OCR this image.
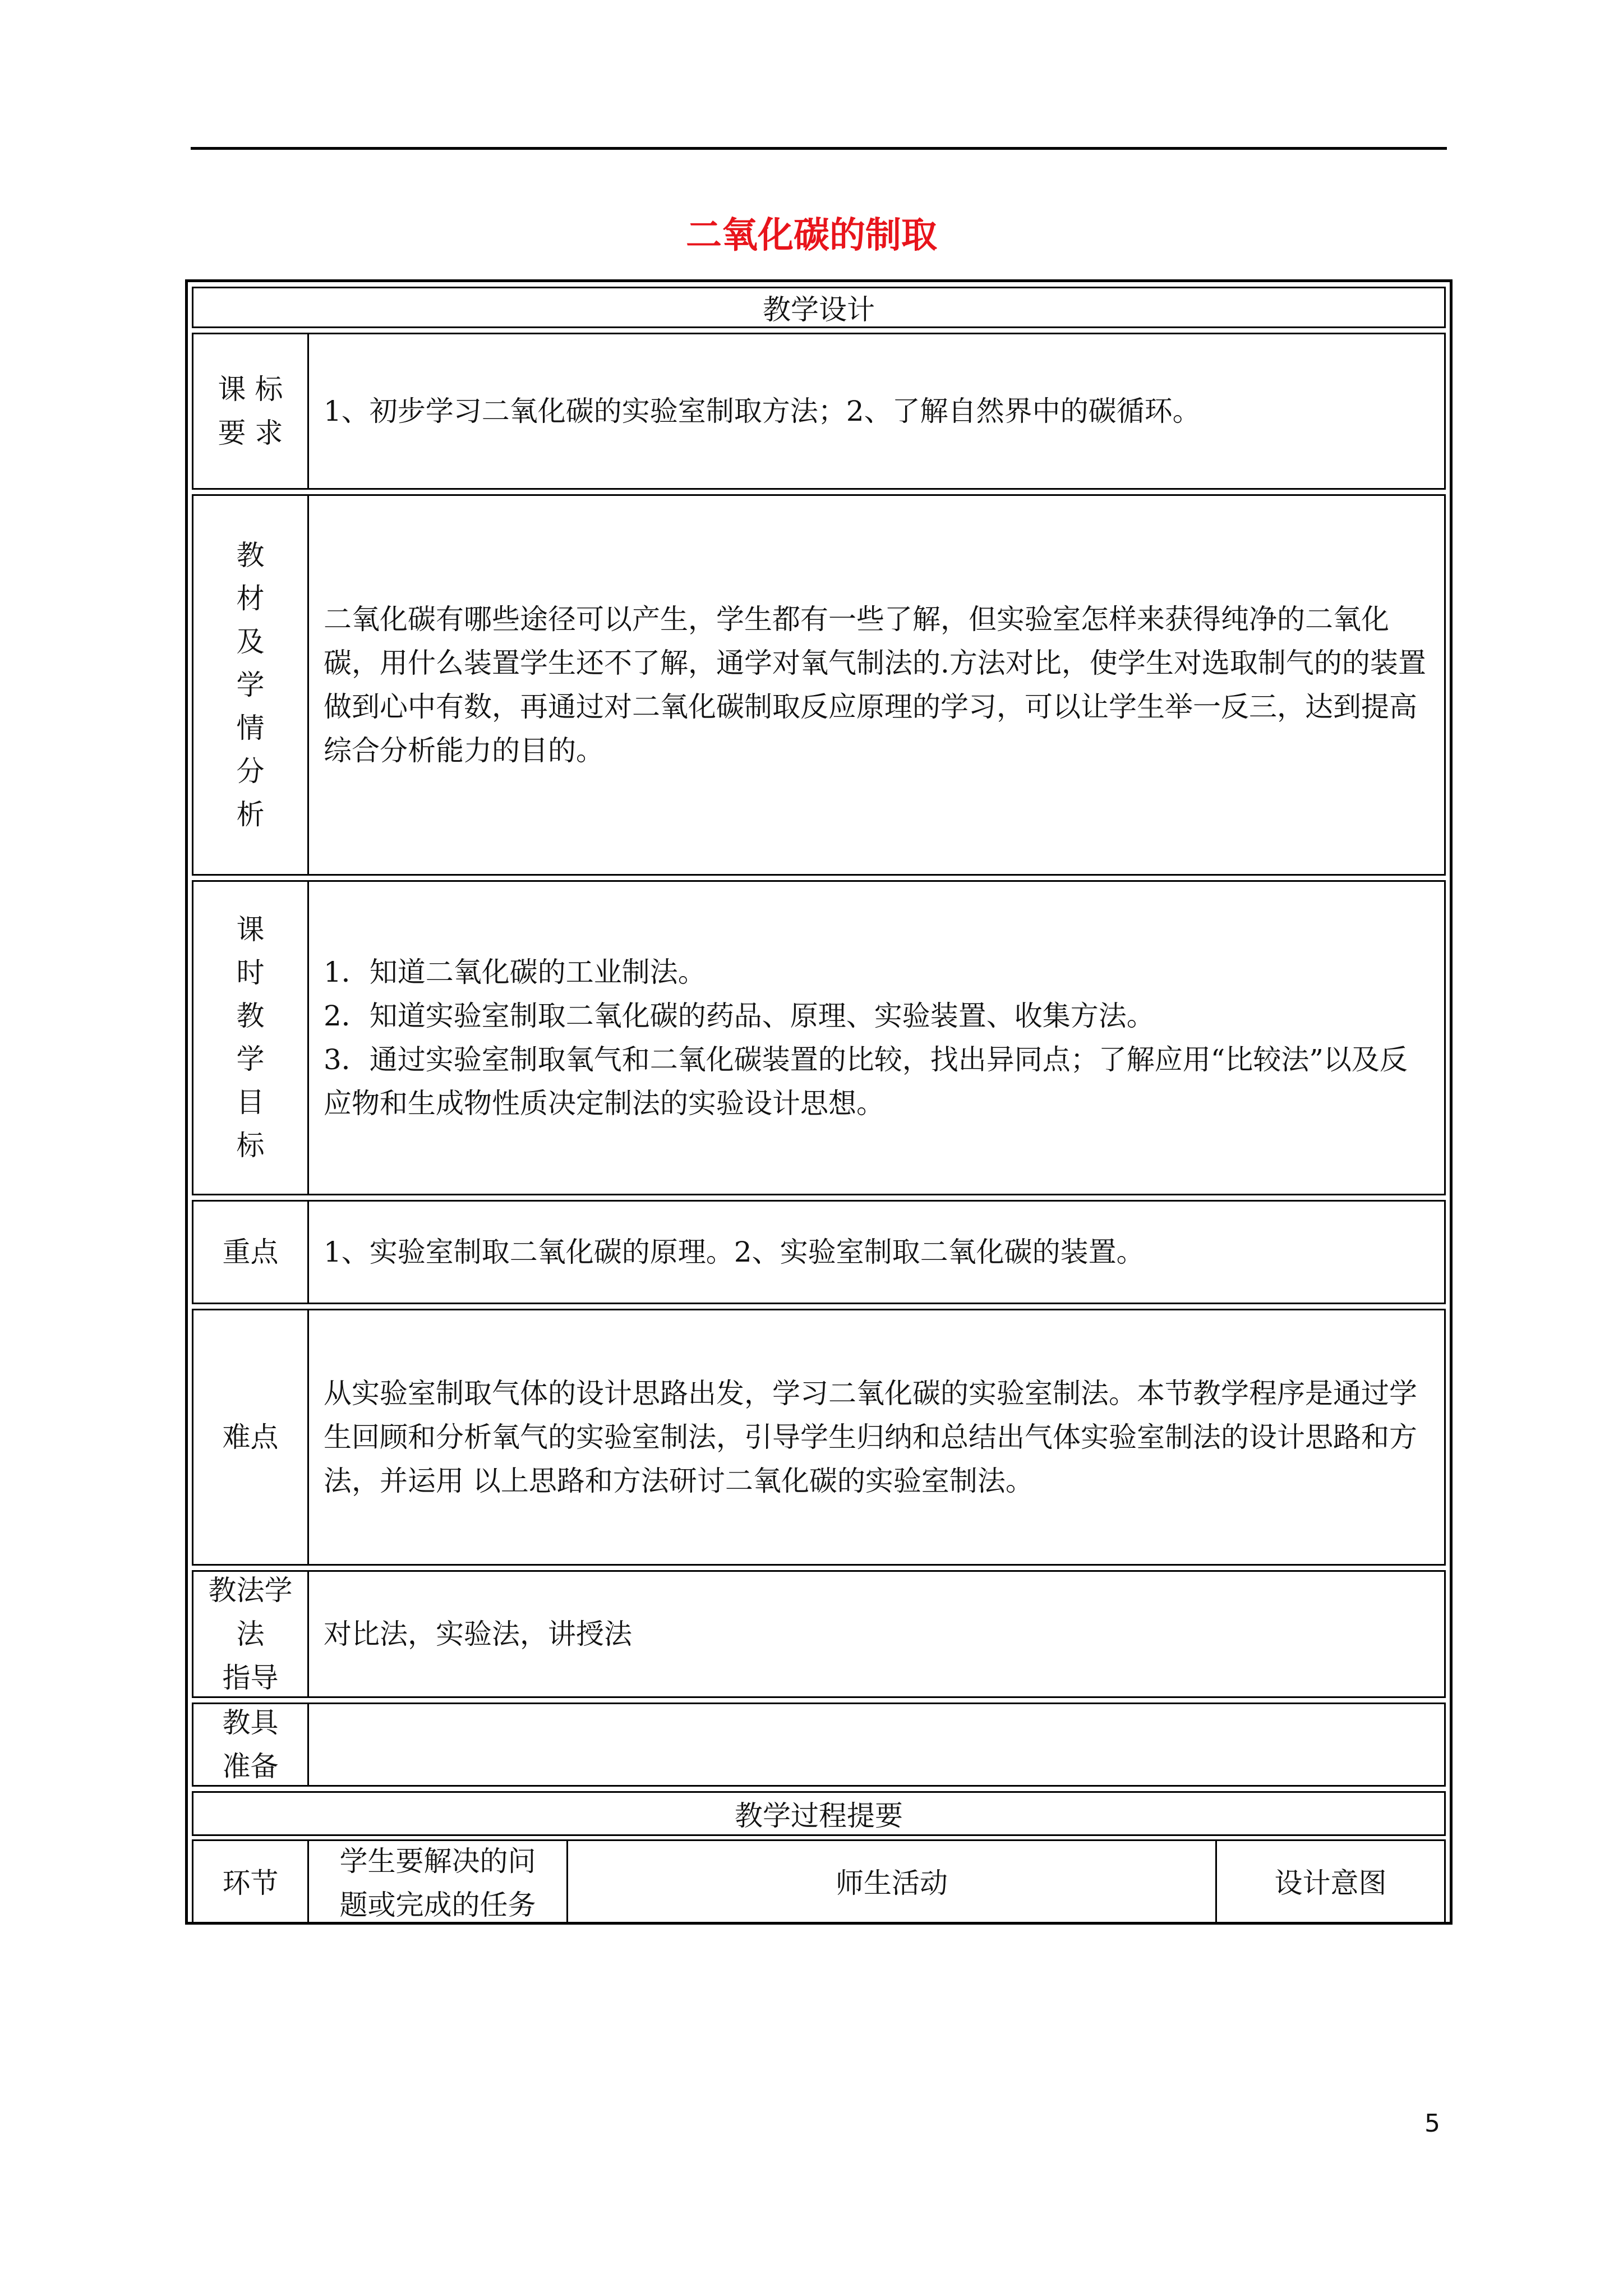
二氧化碳的制取
教学设计
课 标
要 求
1、初步学习二氧化碳的实验室制取方法；2、了解自然界中的碳循环。
教材及学情分析
二氧化碳有哪些途径可以产生，学生都有一些了解，但实验室怎样来获得纯净的二氧化碳，用什么装置学生还不了解，通学对氧气制法的.方法对比，使学生对选取制气的的装置做到心中有数，再通过对二氧化碳制取反应原理的学习，可以让学生举一反三，达到提高综合分析能力的目的。
课时教学目标
1．知道二氧化碳的工业制法。
2．知道实验室制取二氧化碳的药品、原理、实验装置、收集方法。
3．通过实验室制取氧气和二氧化碳装置的比较，找出异同点；了解应用“比较法”以及反应物和生成物性质决定制法的实验设计思想。
重点	1、实验室制取二氧化碳的原理。2、实验室制取二氧化碳的装置。
难点
从实验室制取气体的设计思路出发，学习二氧化碳的实验室制法。本节教学程序是通过学生回顾和分析氧气的实验室制法，引导学生归纳和总结出气体实验室制法的设计思路和方法，并运用 以上思路和方法研讨二氧化碳的实验室制法。
教法学
法
指导
对比法，实验法，讲授法
教具
准备
教学过程提要
环节
学生要解决的问
题或完成的任务
师生活动	设计意图
5
